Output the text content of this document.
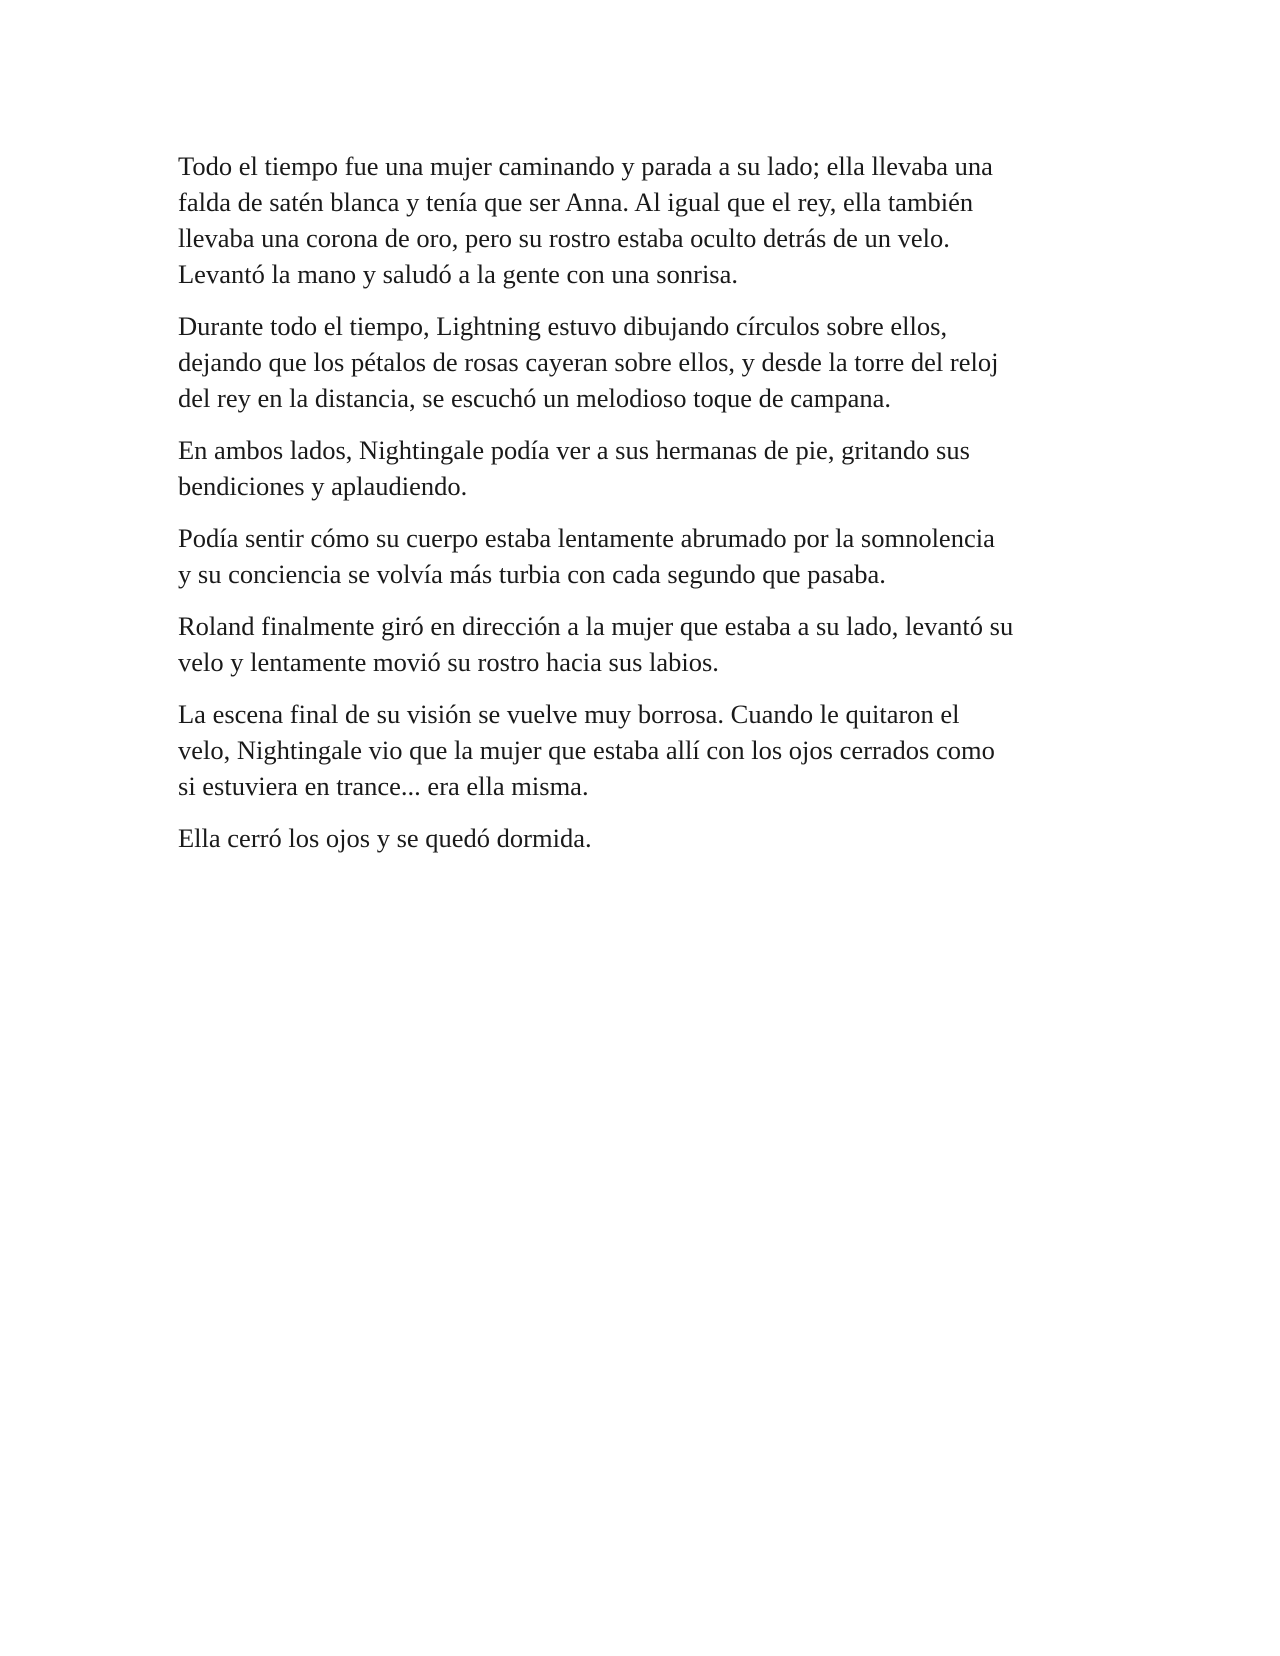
Todo el tiempo fue una mujer caminando y parada a su lado; ella llevaba una
falda de satén blanca y tenía que ser Anna. Al igual que el rey, ella también
llevaba una corona de oro, pero su rostro estaba oculto detrás de un velo.
Levantó la mano y saludó a la gente con una sonrisa.

Durante todo el tiempo, Lightning estuvo dibujando círculos sobre ellos,
dejando que los pétalos de rosas cayeran sobre ellos, y desde la torre del reloj
del rey en la distancia, se escuchó un melodioso toque de campana.

En ambos lados, Nightingale podía ver a sus hermanas de pie, gritando sus
bendiciones y aplaudiendo.

Podía sentir cómo su cuerpo estaba lentamente abrumado por la somnolencia
y su conciencia se volvía más turbia con cada segundo que pasaba.

Roland finalmente giró en dirección a la mujer que estaba a su lado, levantó su
velo y lentamente movió su rostro hacia sus labios.

La escena final de su visión se vuelve muy borrosa. Cuando le quitaron el
velo, Nightingale vio que la mujer que estaba allí con los ojos cerrados como
si estuviera en trance... era ella misma.

Ella cerró los ojos y se quedó dormida.
